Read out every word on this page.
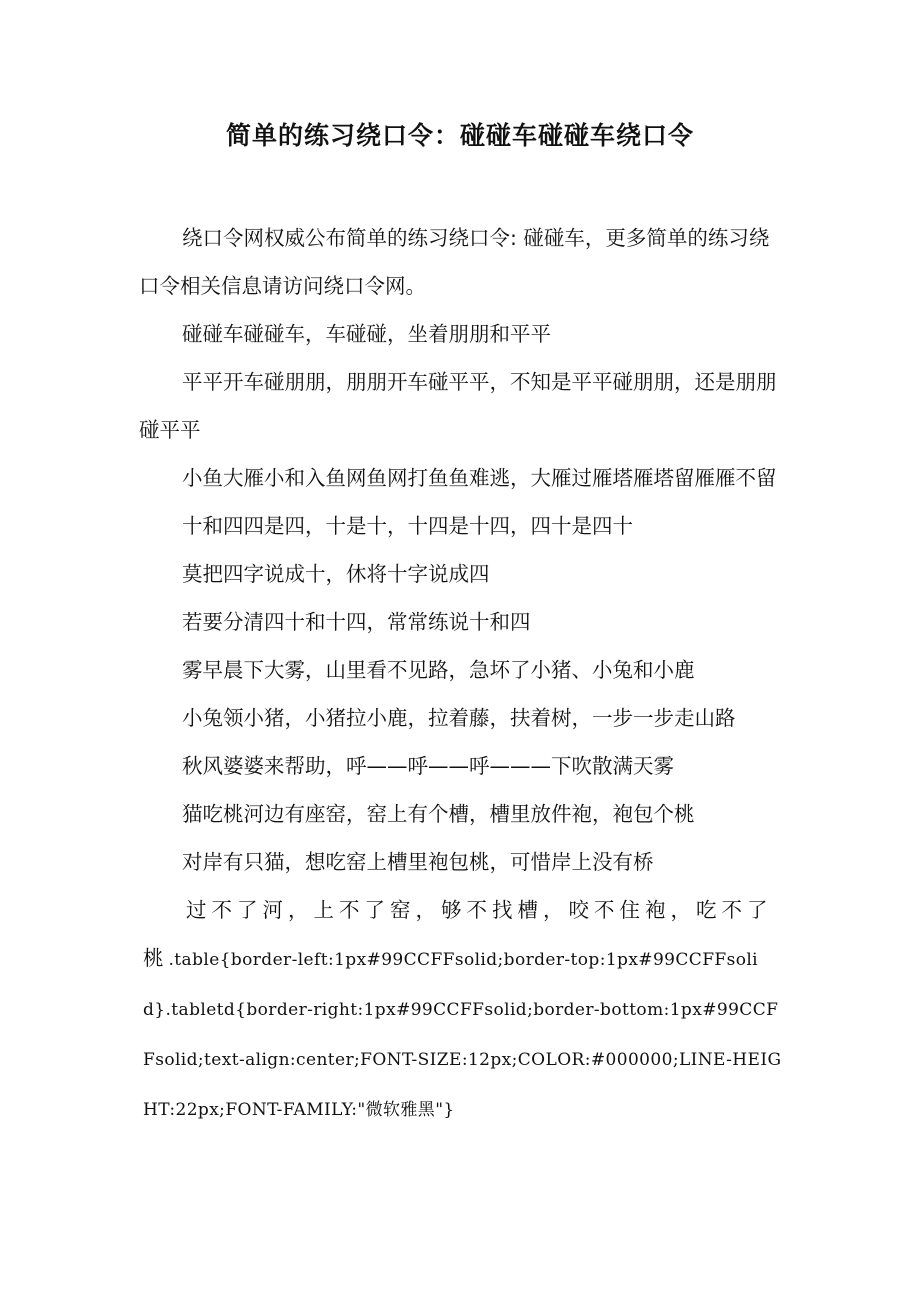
简单的练习绕口令：碰碰车碰碰车绕口令

绕口令网权威公布简单的练习绕口令: 碰碰车，更多简单的练习绕口令相关信息请访问绕口令网。

碰碰车碰碰车，车碰碰，坐着朋朋和平平

平平开车碰朋朋，朋朋开车碰平平，不知是平平碰朋朋，还是朋朋碰平平

小鱼大雁小和入鱼网鱼网打鱼鱼难逃，大雁过雁塔雁塔留雁雁不留

十和四四是四，十是十，十四是十四，四十是四十

莫把四字说成十，休将十字说成四

若要分清四十和十四，常常练说十和四

雾早晨下大雾，山里看不见路，急坏了小猪、小兔和小鹿

小兔领小猪，小猪拉小鹿，拉着藤，扶着树，一步一步走山路

秋风婆婆来帮助，呼——呼——呼———下吹散满天雾

猫吃桃河边有座窑，窑上有个槽，槽里放件袍，袍包个桃

对岸有只猫，想吃窑上槽里袍包桃，可惜岸上没有桥

过不了河，上不了窑，够不找槽，咬不住袍，吃不了桃.table{border-left:1px#99CCFFsolid;border-top:1px#99CCFFsolid}.tabletd{border-right:1px#99CCFFsolid;border-bottom:1px#99CCFFsolid;text-align:center;FONT-SIZE:12px;COLOR:#000000;LINE-HEIGHT:22px;FONT-FAMILY:"微软雅黑"}
